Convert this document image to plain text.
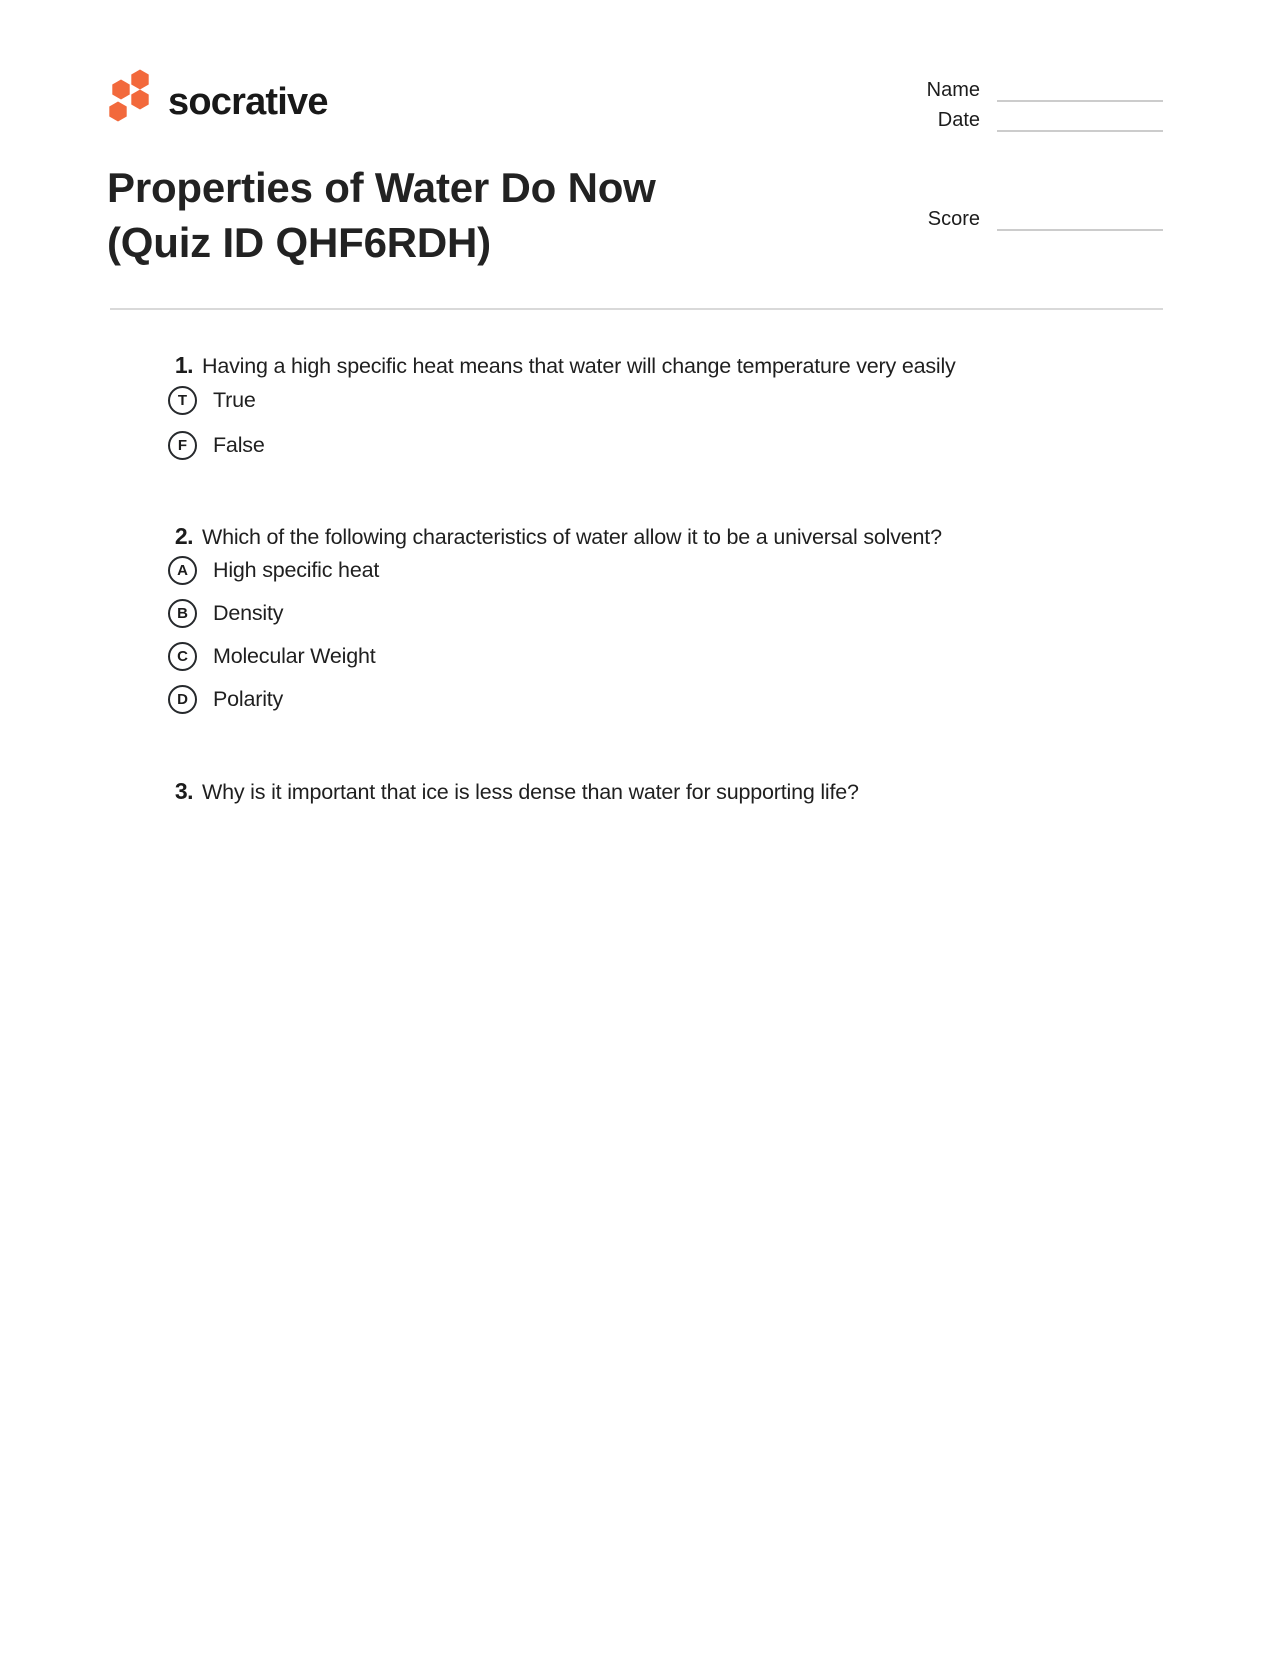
socrative	Name
Date
Score
Properties of Water Do Now
(Quiz ID QHF6RDH)
1. Having a high specific heat means that water will change temperature very easily
T	True
F	False
2. Which of the following characteristics of water allow it to be a universal solvent?
A	High specific heat
B	Density
C	Molecular Weight
D	Polarity
3. Why is it important that ice is less dense than water for supporting life?
